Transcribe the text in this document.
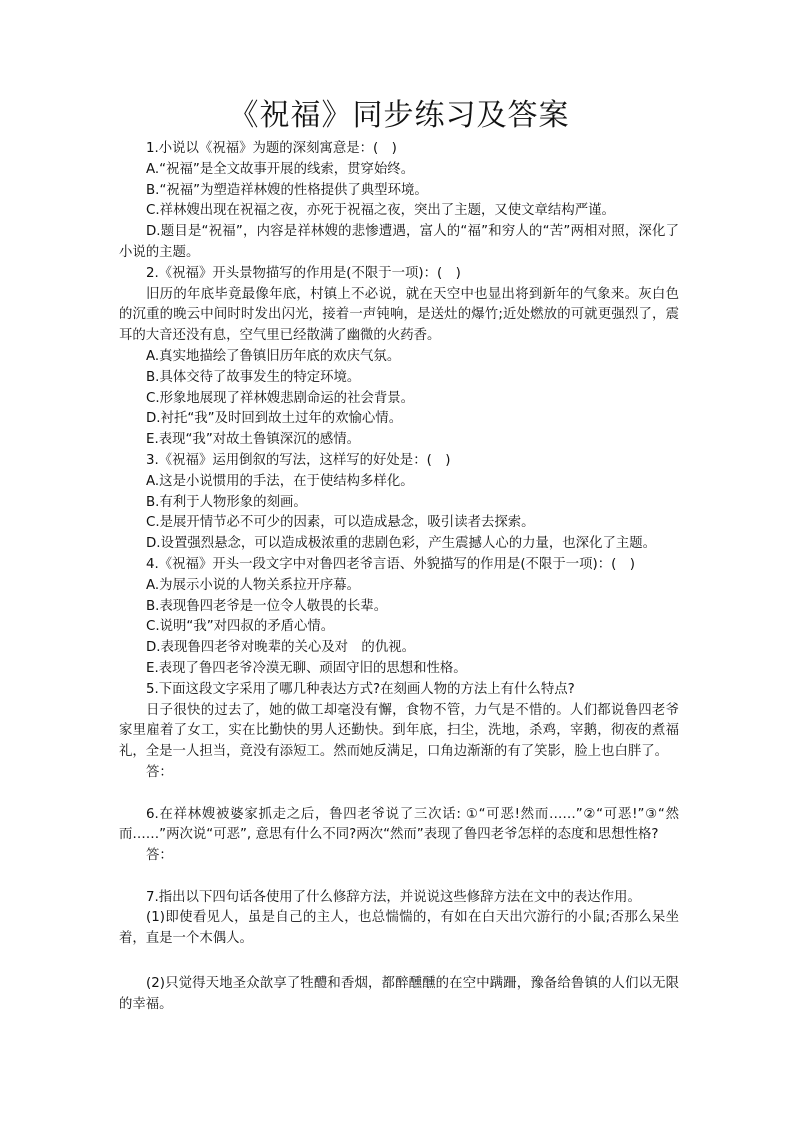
《祝福》同步练习及答案

1.小说以《祝福》为题的深刻寓意是：(　)

A.“祝福”是全文故事开展的线索，贯穿始终。

B.“祝福”为塑造祥林嫂的性格提供了典型环境。

C.祥林嫂出现在祝福之夜，亦死于祝福之夜，突出了主题，又使文章结构严谨。

D.题目是“祝福”，内容是祥林嫂的悲惨遭遇，富人的“福”和穷人的“苦”两相对照，深化了小说的主题。

2.《祝福》开头景物描写的作用是(不限于一项)：(　)

旧历的年底毕竟最像年底，村镇上不必说，就在天空中也显出将到新年的气象来。灰白色的沉重的晚云中间时时发出闪光，接着一声钝响，是送灶的爆竹;近处燃放的可就更强烈了，震耳的大音还没有息，空气里已经散满了幽微的火药香。

A.真实地描绘了鲁镇旧历年底的欢庆气氛。

B.具体交待了故事发生的特定环境。

C.形象地展现了祥林嫂悲剧命运的社会背景。

D.衬托“我”及时回到故土过年的欢愉心情。

E.表现“我”对故土鲁镇深沉的感情。

3.《祝福》运用倒叙的写法，这样写的好处是：(　)

A.这是小说惯用的手法，在于使结构多样化。

B.有利于人物形象的刻画。

C.是展开情节必不可少的因素，可以造成悬念，吸引读者去探索。

D.设置强烈悬念，可以造成极浓重的悲剧色彩，产生震撼人心的力量，也深化了主题。

4.《祝福》开头一段文字中对鲁四老爷言语、外貌描写的作用是(不限于一项)：(　)

A.为展示小说的人物关系拉开序幕。

B.表现鲁四老爷是一位令人敬畏的长辈。

C.说明“我”对四叔的矛盾心情。

D.表现鲁四老爷对晚辈的关心及对　的仇视。

E.表现了鲁四老爷冷漠无聊、顽固守旧的思想和性格。

5.下面这段文字采用了哪几种表达方式?在刻画人物的方法上有什么特点?

日子很快的过去了，她的做工却毫没有懈，食物不管，力气是不惜的。人们都说鲁四老爷家里雇着了女工，实在比勤快的男人还勤快。到年底，扫尘，洗地，杀鸡，宰鹅，彻夜的煮福礼，全是一人担当，竟没有添短工。然而她反满足，口角边渐渐的有了笑影，脸上也白胖了。

答：

6.在祥林嫂被婆家抓走之后，鲁四老爷说了三次话: ①“可恶!然而……”②“可恶!”③“然而……”两次说“可恶”, 意思有什么不同?两次“然而”表现了鲁四老爷怎样的态度和思想性格?

答：

7.指出以下四句话各使用了什么修辞方法，并说说这些修辞方法在文中的表达作用。

(1)即使看见人，虽是自己的主人，也总惴惴的，有如在白天出穴游行的小鼠;否那么呆坐着，直是一个木偶人。

(2)只觉得天地圣众歆享了牲醴和香烟，都醉醺醺的在空中蹒跚，豫备给鲁镇的人们以无限的幸福。
